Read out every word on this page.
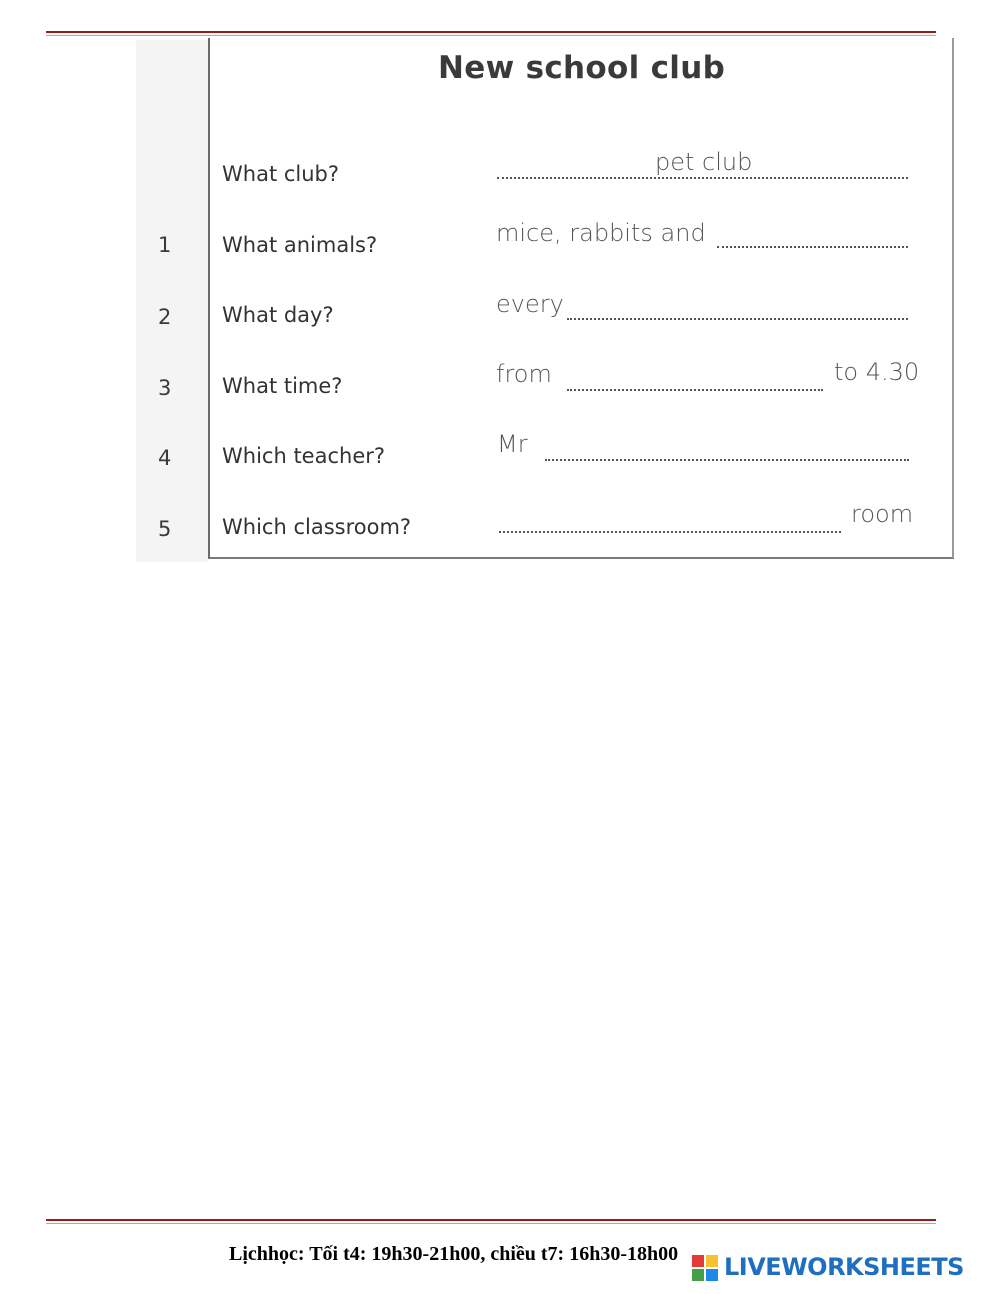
New school club
What club?	pet club
1 What animals?	mice, rabbits and
2 What day?	every
3 What time?	from	to 4.30
4 Which teacher?	Mr
5 Which classroom?	room
Lịchhọc: Tối t4: 19h30-21h00, chiều t7: 16h30-18h00 LIVEWORKSHEETS
